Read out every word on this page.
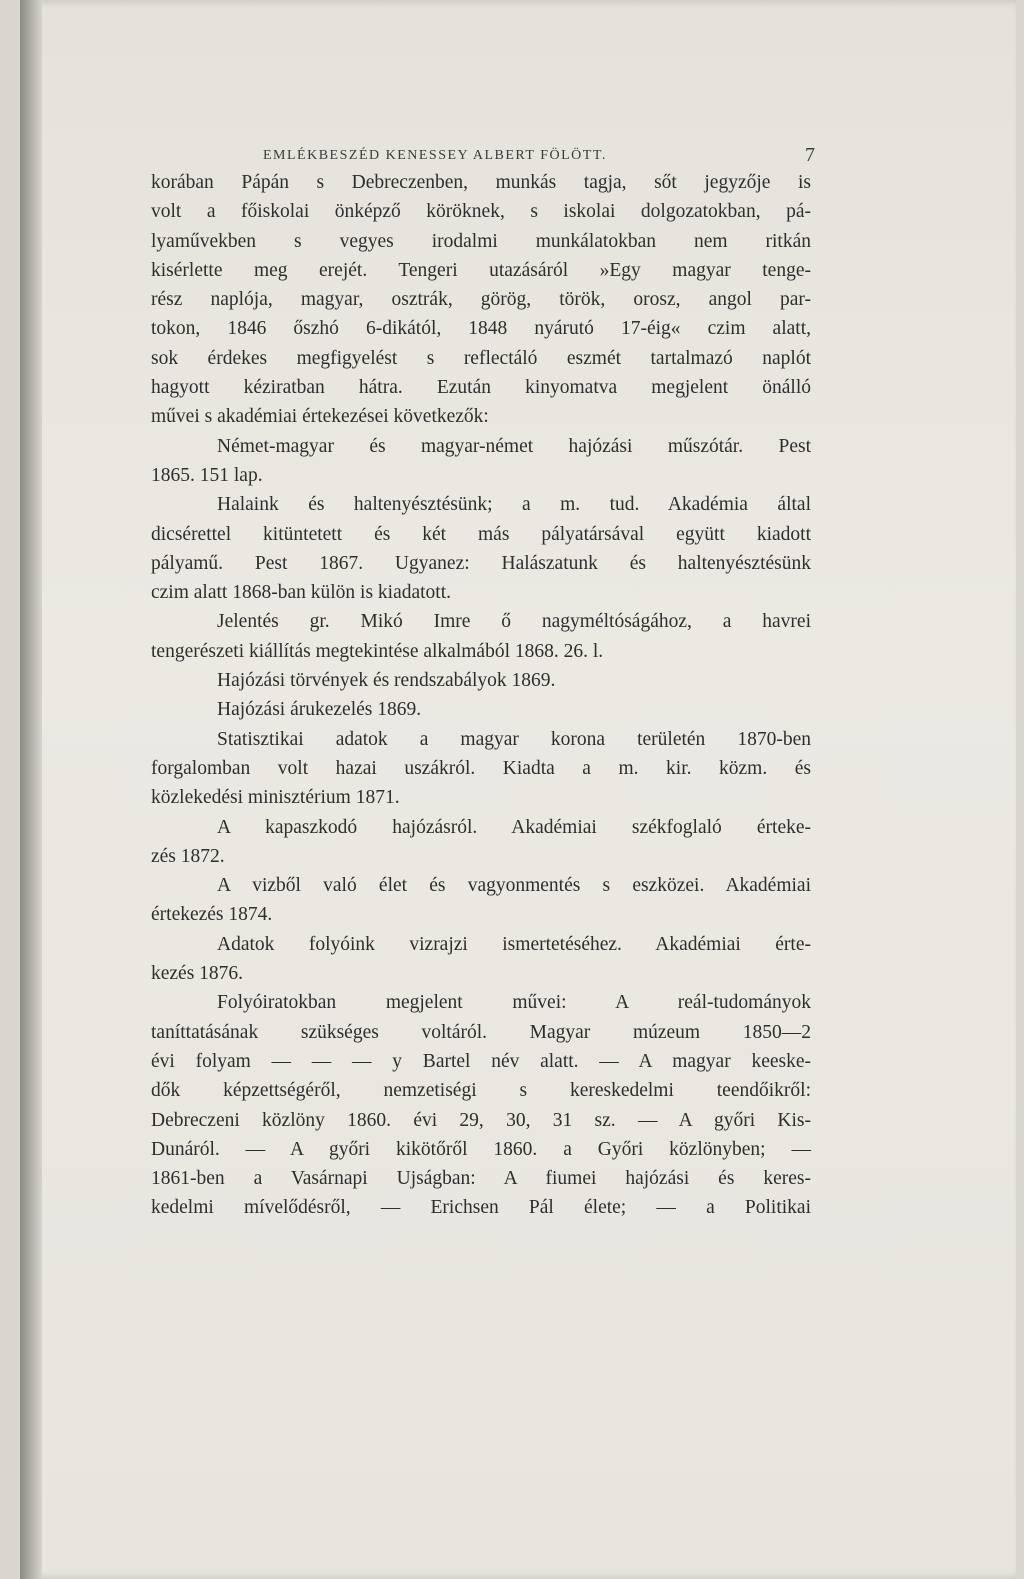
EMLÉKBESZÉD KENESSEY ALBERT FÖLÖTT.	7

korában Pápán s Debreczenben, munkás tagja, sőt jegyzője is

volt a főiskolai önképző köröknek, s iskolai dolgozatokban, pá-

lyaművekben s vegyes irodalmi munkálatokban nem ritkán

kisérlette meg erejét. Tengeri utazásáról »Egy magyar tenge-

rész naplója, magyar, osztrák, görög, török, orosz, angol par-

tokon, 1846 őszhó 6-dikától, 1848 nyárutó 17-éig« czim alatt,

sok érdekes megfigyelést s reflectáló eszmét tartalmazó naplót

hagyott kéziratban hátra. Ezután kinyomatva megjelent önálló

művei s akadémiai értekezései következők:

Német-magyar és magyar-német hajózási műszótár. Pest

1865. 151 lap.

Halaink és haltenyésztésünk; a m. tud. Akadémia által

dicsérettel kitüntetett és két más pályatársával együtt kiadott

pályamű. Pest 1867. Ugyanez: Halászatunk és haltenyésztésünk

czim alatt 1868-ban külön is kiadatott.

Jelentés gr. Mikó Imre ő nagyméltóságához, a havrei

tengerészeti kiállítás megtekintése alkalmából 1868. 26. l.

Hajózási törvények és rendszabályok 1869.

Hajózási árukezelés 1869.

Statisztikai adatok a magyar korona területén 1870-ben

forgalomban volt hazai uszákról. Kiadta a m. kir. közm. és

közlekedési minisztérium 1871.

A kapaszkodó hajózásról. Akadémiai székfoglaló érteke-

zés 1872.

A vizből való élet és vagyonmentés s eszközei. Akadémiai

értekezés 1874.

Adatok folyóink vizrajzi ismertetéséhez. Akadémiai érte-

kezés 1876.

Folyóiratokban megjelent művei: A reál-tudományok

taníttatásának szükséges voltáról. Magyar múzeum 1850—2

évi folyam — — — y Bartel név alatt. — A magyar keeske-

dők képzettségéről, nemzetiségi s kereskedelmi teendőikről:

Debreczeni közlöny 1860. évi 29, 30, 31 sz. — A győri Kis-

Dunáról. — A győri kikötőről 1860. a Győri közlönyben; —

1861-ben a Vasárnapi Ujságban: A fiumei hajózási és keres-

kedelmi mívelődésről, — Erichsen Pál élete; — a Politikai
